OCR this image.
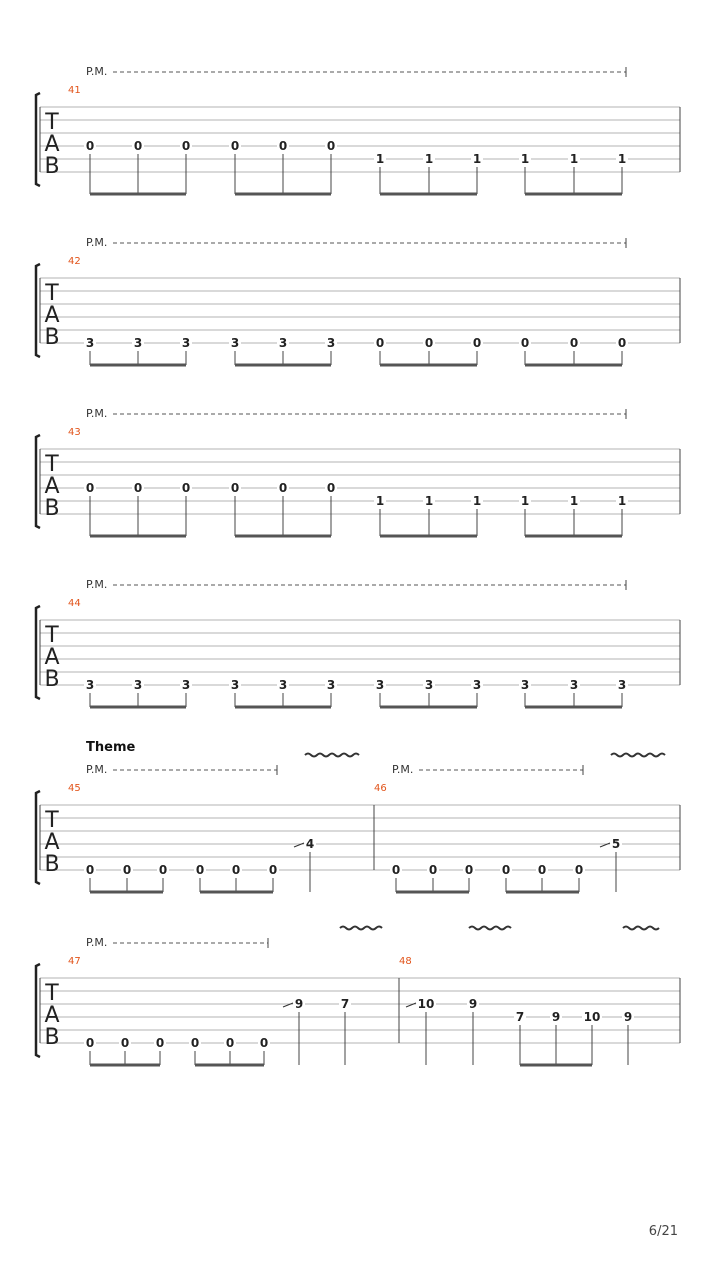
P.M.
T
A
B
41
0	0	0	0	0	0
1	1	1	1	1	1
P.M.
T
A
B
42
3	3	3	3	3	3	0	0	0	0	0	0
P.M.
T
A
B
43
0	0	0	0	0	0
1	1	1	1	1	1
P.M.
T
A
B
44
3	3	3	3	3	3	3	3	3	3	3	3
P.M.	P.M.
Theme
T
A
B
45
0 0 0 0 0 0
4
46
0 0 0 0 0 0
5
P.M.
T
A
B
47
0 0 0 0 0 0
9	7
48
10	9
7 9 10 9
6/21
